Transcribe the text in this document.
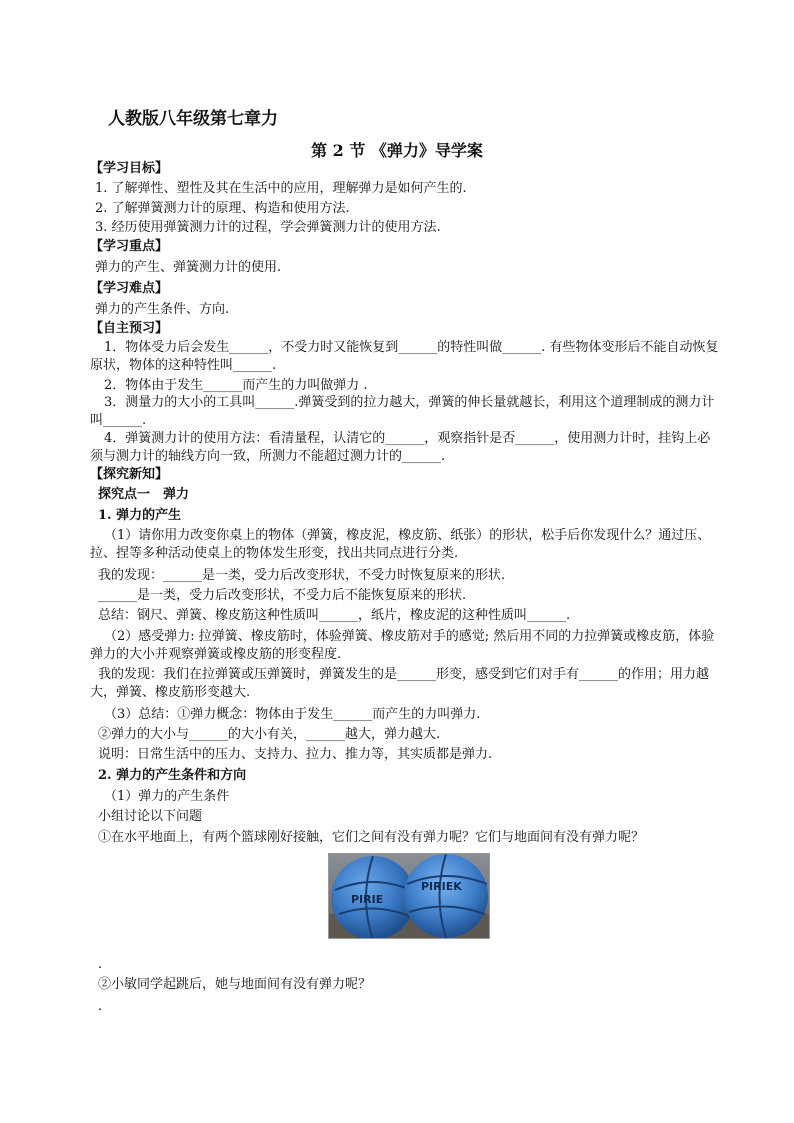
人教版八年级第七章力
第 2 节 《弹力》导学案
【学习目标】
1. 了解弹性、塑性及其在生活中的应用，理解弹力是如何产生的.
2. 了解弹簧测力计的原理、构造和使用方法.
3. 经历使用弹簧测力计的过程，学会弹簧测力计的使用方法.
【学习重点】
弹力的产生、弹簧测力计的使用.
【学习难点】
弹力的产生条件、方向.
【自主预习】
1．物体受力后会发生______，不受力时又能恢复到______的特性叫做______. 有些物体变形后不能自动恢复原状，物体的这种特性叫______.
2．物体由于发生______而产生的力叫做弹力 .
3．测量力的大小的工具叫______.弹簧受到的拉力越大，弹簧的伸长量就越长，利用这个道理制成的测力计叫______.
4．弹簧测力计的使用方法：看清量程，认清它的______，观察指针是否______，使用测力计时，挂钩上必须与测力计的轴线方向一致，所测力不能超过测力计的______.
【探究新知】
探究点一　弹力
1. 弹力的产生
（1）请你用力改变你桌上的物体（弹簧，橡皮泥，橡皮筋、纸张）的形状，松手后你发现什么？通过压、拉、捏等多种活动使桌上的物体发生形变，找出共同点进行分类.
我的发现：______是一类，受力后改变形状，不受力时恢复原来的形状.
______是一类，受力后改变形状，不受力后不能恢复原来的形状.
总结：钢尺、弹簧、橡皮筋这种性质叫______，纸片，橡皮泥的这种性质叫______.
（2）感受弹力: 拉弹簧、橡皮筋时，体验弹簧、橡皮筋对手的感觉; 然后用不同的力拉弹簧或橡皮筋，体验弹力的大小并观察弹簧或橡皮筋的形变程度.
我的发现：我们在拉弹簧或压弹簧时，弹簧发生的是______形变，感受到它们对手有______的作用；用力越大，弹簧、橡皮筋形变越大.
（3）总结：①弹力概念：物体由于发生______而产生的力叫弹力.
②弹力的大小与______的大小有关，______越大，弹力越大.
说明：日常生活中的压力、支持力、拉力、推力等，其实质都是弹力.
2. 弹力的产生条件和方向
（1）弹力的产生条件
小组讨论以下问题
①在水平地面上，有两个篮球刚好接触，它们之间有没有弹力呢？它们与地面间有没有弹力呢？
PIRIE
PIRIEK
.
②小敏同学起跳后，她与地面间有没有弹力呢？
.
